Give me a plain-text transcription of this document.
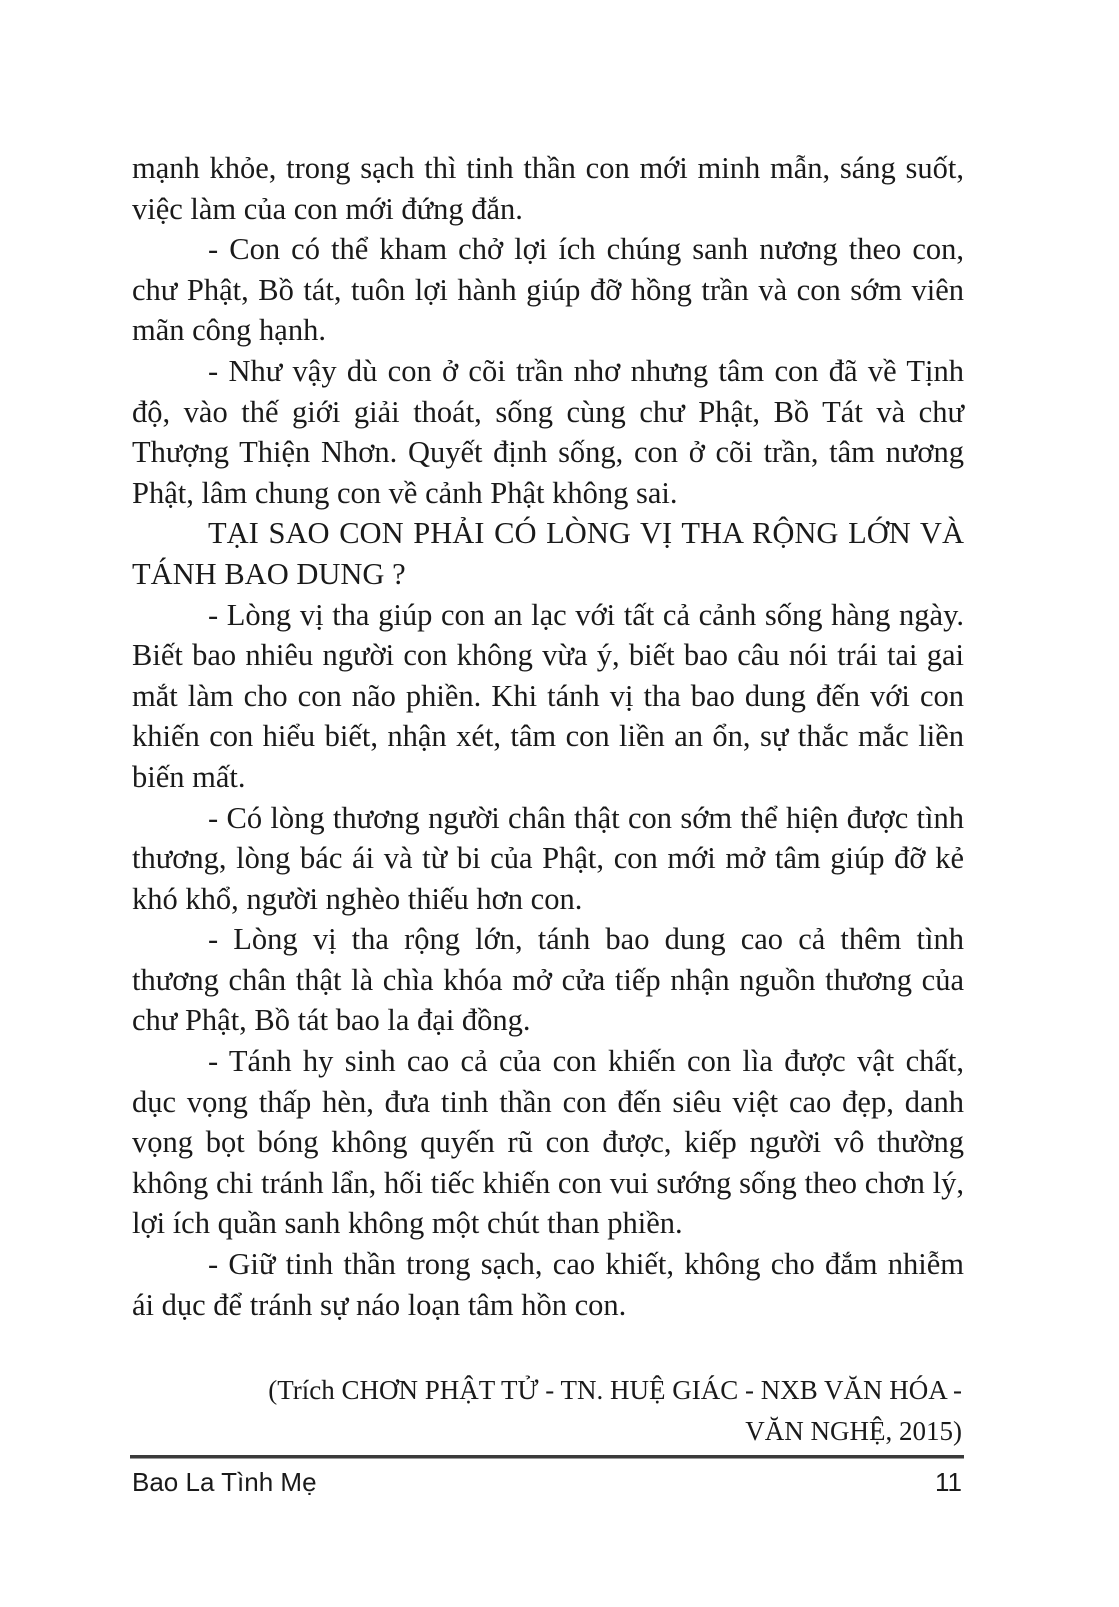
mạnh khỏe, trong sạch thì tinh thần con mới minh mẫn, sáng suốt, việc làm của con mới đứng đắn.

- Con có thể kham chở lợi ích chúng sanh nương theo con, chư Phật, Bồ tát, tuôn lợi hành giúp đỡ hồng trần và con sớm viên mãn công hạnh.

- Như vậy dù con ở cõi trần nhơ nhưng tâm con đã về Tịnh độ, vào thế giới giải thoát, sống cùng chư Phật, Bồ Tát và chư Thượng Thiện Nhơn. Quyết định sống, con ở cõi trần, tâm nương Phật, lâm chung con về cảnh Phật không sai.

TẠI SAO CON PHẢI CÓ LÒNG VỊ THA RỘNG LỚN VÀ TÁNH BAO DUNG ?

- Lòng vị tha giúp con an lạc với tất cả cảnh sống hàng ngày. Biết bao nhiêu người con không vừa ý, biết bao câu nói trái tai gai mắt làm cho con não phiền. Khi tánh vị tha bao dung đến với con khiến con hiểu biết, nhận xét, tâm con liền an ổn, sự thắc mắc liền biến mất.

- Có lòng thương người chân thật con sớm thể hiện được tình thương, lòng bác ái và từ bi của Phật, con mới mở tâm giúp đỡ kẻ khó khổ, người nghèo thiếu hơn con.

- Lòng vị tha rộng lớn, tánh bao dung cao cả thêm tình thương chân thật là chìa khóa mở cửa tiếp nhận nguồn thương của chư Phật, Bồ tát bao la đại đồng.

- Tánh hy sinh cao cả của con khiến con lìa được vật chất, dục vọng thấp hèn, đưa tinh thần con đến siêu việt cao đẹp, danh vọng bọt bóng không quyến rũ con được, kiếp người vô thường không chi tránh lẩn, hối tiếc khiến con vui sướng sống theo chơn lý, lợi ích quần sanh không một chút than phiền.

- Giữ tinh thần trong sạch, cao khiết, không cho đắm nhiễm ái dục để tránh sự náo loạn tâm hồn con.

(Trích CHƠN PHẬT TỬ - TN. HUỆ GIÁC - NXB VĂN HÓA -
VĂN NGHỆ, 2015)
Bao La Tình Mẹ	11
